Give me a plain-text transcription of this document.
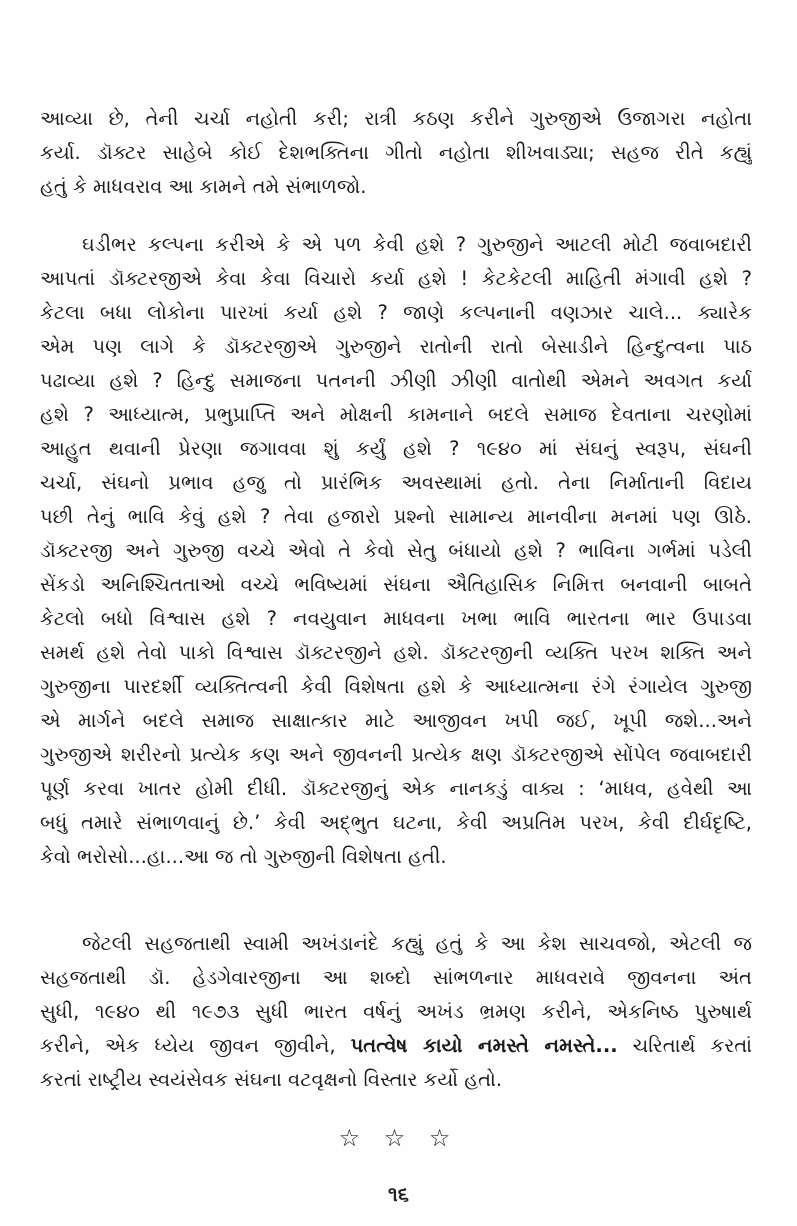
આવ્યા છે, તેની ચર્ચા નહોતી કરી; રાત્રી કઠણ કરીને ગુરુજીએ ઉજાગરા નહોતા
કર્યા. ડૉક્ટર સાહેબે કોઈ દેશભક્તિના ગીતો નહોતા શીખવાડ્યા; સહજ રીતે કહ્યું
હતું કે માધવરાવ આ કામને તમે સંભાળજો.
ઘડીભર કલ્પના કરીએ કે એ પળ કેવી હશે ? ગુરુજીને આટલી મોટી જવાબદારી
આપતાં ડૉક્ટરજીએ કેવા કેવા વિચારો કર્યા હશે ! કેટકેટલી માહિતી મંગાવી હશે ?
કેટલા બધા લોકોના પારખાં કર્યા હશે ? જાણે કલ્પનાની વણઝાર ચાલે... ક્યારેક
એમ પણ લાગે કે ડૉક્ટરજીએ ગુરુજીને રાતોની રાતો બેસાડીને હિન્દુત્વના પાઠ
પઢાવ્યા હશે ? હિન્દુ સમાજના પતનની ઝીણી ઝીણી વાતોથી એમને અવગત કર્યા
હશે ? આધ્યાત્મ, પ્રભુપ્રાપ્તિ અને મોક્ષની કામનાને બદલે સમાજ દેવતાના ચરણોમાં
આહુત થવાની પ્રેરણા જગાવવા શું કર્યું હશે ? ૧૯૪૦ માં સંઘનું સ્વરૂપ, સંઘની
ચર્ચા, સંઘનો પ્રભાવ હજુ તો પ્રારંભિક અવસ્થામાં હતો. તેના નિર્માતાની વિદાય
પછી તેનું ભાવિ કેવું હશે ? તેવા હજારો પ્રશ્નો સામાન્ય માનવીના મનમાં પણ ઊઠે.
ડૉક્ટરજી અને ગુરુજી વચ્ચે એવો તે કેવો સેતુ બંધાયો હશે ? ભાવિના ગર્ભમાં પડેલી
સેંકડો અનિશ્ચિતતાઓ વચ્ચે ભવિષ્યમાં સંઘના ઐતિહાસિક નિમિત્ત બનવાની બાબતે
કેટલો બધો વિશ્વાસ હશે ? નવયુવાન માધવના ખભા ભાવિ ભારતના ભાર ઉપાડવા
સમર્થ હશે તેવો પાકો વિશ્વાસ ડૉક્ટરજીને હશે. ડૉક્ટરજીની વ્યક્તિ પરખ શક્તિ અને
ગુરુજીના પારદર્શી વ્યક્તિત્વની કેવી વિશેષતા હશે કે આધ્યાત્મના રંગે રંગાયેલ ગુરુજી
એ માર્ગને બદલે સમાજ સાક્ષાત્કાર માટે આજીવન ખપી જઈ, ખૂપી જશે...અને
ગુરુજીએ શરીરનો પ્રત્યેક કણ અને જીવનની પ્રત્યેક ક્ષણ ડૉક્ટરજીએ સોંપેલ જવાબદારી
પૂર્ણ કરવા ખાતર હોમી દીધી. ડૉક્ટરજીનું એક નાનકડું વાક્ય : ‘માધવ, હવેથી આ
બધું તમારે સંભાળવાનું છે.’ કેવી અદ્ભુત ઘટના, કેવી અપ્રતિમ પરખ, કેવી દીર્ઘદૃષ્ટિ,
કેવો ભરોસો...હા...આ જ તો ગુરુજીની વિશેષતા હતી.
જેટલી સહજતાથી સ્વામી અખંડાનંદે કહ્યું હતું કે આ કેશ સાચવજો, એટલી જ
સહજતાથી ડૉ. હેડગેવારજીના આ શબ્દો સાંભળનાર માધવરાવે જીવનના અંત
સુધી, ૧૯૪૦ થી ૧૯૭૩ સુધી ભારત વર્ષનું અખંડ ભ્રમણ કરીને, એકનિષ્ઠ પુરુષાર્થ
કરીને, એક ધ્યેય જીવન જીવીને, પતત્વેષ કાયો નમસ્તે નમસ્તે... ચરિતાર્થ કરતાં
કરતાં રાષ્ટ્રીય સ્વયંસેવક સંઘના વટવૃક્ષનો વિસ્તાર કર્યો હતો.
☆ ☆ ☆
૧૬
